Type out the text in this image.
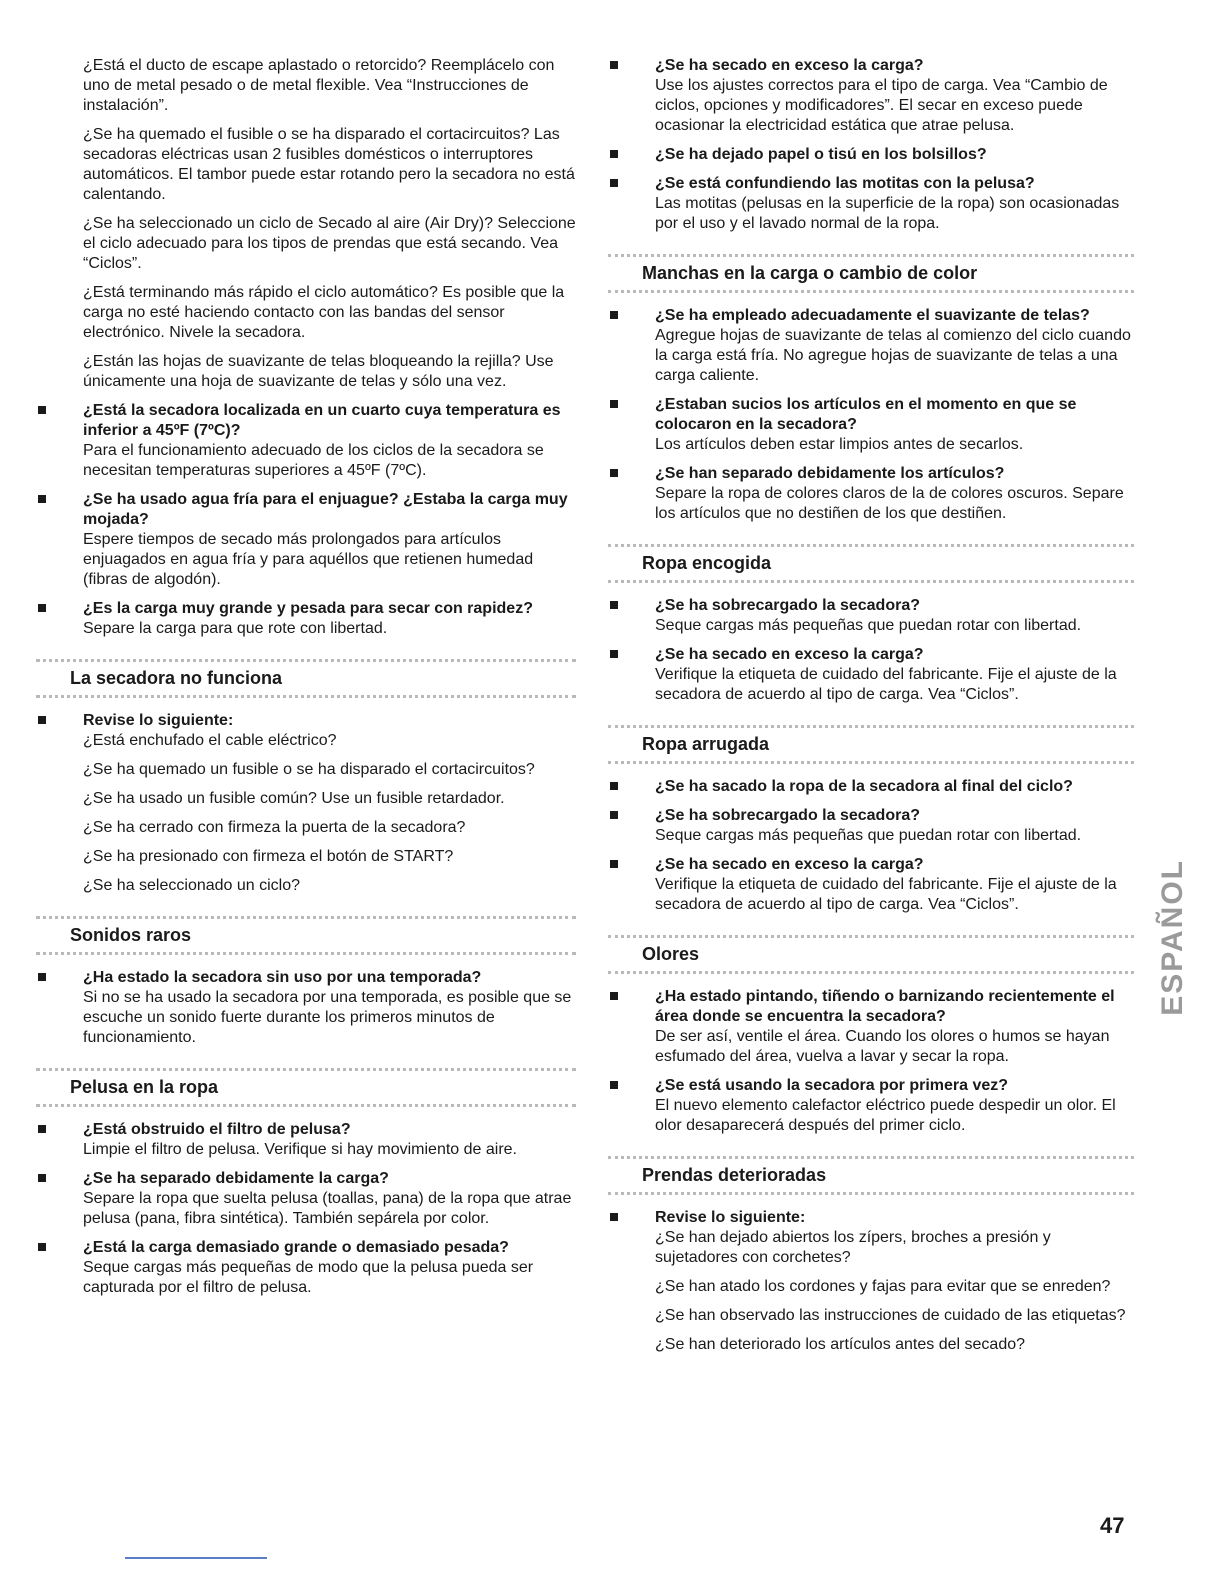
¿Está el ducto de escape aplastado o retorcido? Reemplácelo con uno de metal pesado o de metal flexible. Vea “Instrucciones de instalación”.

¿Se ha quemado el fusible o se ha disparado el cortacircuitos? Las secadoras eléctricas usan 2 fusibles domésticos o interruptores automáticos. El tambor puede estar rotando pero la secadora no está calentando.

¿Se ha seleccionado un ciclo de Secado al aire (Air Dry)? Seleccione el ciclo adecuado para los tipos de prendas que está secando. Vea “Ciclos”.

¿Está terminando más rápido el ciclo automático? Es posible que la carga no esté haciendo contacto con las bandas del sensor electrónico. Nivele la secadora.

¿Están las hojas de suavizante de telas bloqueando la rejilla? Use únicamente una hoja de suavizante de telas y sólo una vez.

¿Está la secadora localizada en un cuarto cuya temperatura es inferior a 45ºF (7ºC)?
Para el funcionamiento adecuado de los ciclos de la secadora se necesitan temperaturas superiores a 45ºF (7ºC).
¿Se ha usado agua fría para el enjuague? ¿Estaba la carga muy mojada?
Espere tiempos de secado más prolongados para artículos enjuagados en agua fría y para aquéllos que retienen humedad (fibras de algodón).
¿Es la carga muy grande y pesada para secar con rapidez?
Separe la carga para que rote con libertad.
La secadora no funciona
Revise lo siguiente:
¿Está enchufado el cable eléctrico?
¿Se ha quemado un fusible o se ha disparado el cortacircuitos?
¿Se ha usado un fusible común? Use un fusible retardador.
¿Se ha cerrado con firmeza la puerta de la secadora?
¿Se ha presionado con firmeza el botón de START?
¿Se ha seleccionado un ciclo?
Sonidos raros
¿Ha estado la secadora sin uso por una temporada?
Si no se ha usado la secadora por una temporada, es posible que se escuche un sonido fuerte durante los primeros minutos de funcionamiento.
Pelusa en la ropa
¿Está obstruido el filtro de pelusa?
Limpie el filtro de pelusa. Verifique si hay movimiento de aire.
¿Se ha separado debidamente la carga?
Separe la ropa que suelta pelusa (toallas, pana) de la ropa que atrae pelusa (pana, fibra sintética). También sepárela por color.
¿Está la carga demasiado grande o demasiado pesada?
Seque cargas más pequeñas de modo que la pelusa pueda ser capturada por el filtro de pelusa.
¿Se ha secado en exceso la carga?
Use los ajustes correctos para el tipo de carga. Vea “Cambio de ciclos, opciones y modificadores”. El secar en exceso puede ocasionar la electricidad estática que atrae pelusa.
¿Se ha dejado papel o tisú en los bolsillos?
¿Se está confundiendo las motitas con la pelusa?
Las motitas (pelusas en la superficie de la ropa) son ocasionadas por el uso y el lavado normal de la ropa.
Manchas en la carga o cambio de color
¿Se ha empleado adecuadamente el suavizante de telas?
Agregue hojas de suavizante de telas al comienzo del ciclo cuando la carga está fría. No agregue hojas de suavizante de telas a una carga caliente.
¿Estaban sucios los artículos en el momento en que se colocaron en la secadora?
Los artículos deben estar limpios antes de secarlos.
¿Se han separado debidamente los artículos?
Separe la ropa de colores claros de la de colores oscuros. Separe los artículos que no destiñen de los que destiñen.
Ropa encogida
¿Se ha sobrecargado la secadora?
Seque cargas más pequeñas que puedan rotar con libertad.
¿Se ha secado en exceso la carga?
Verifique la etiqueta de cuidado del fabricante. Fije el ajuste de la secadora de acuerdo al tipo de carga. Vea “Ciclos”.
Ropa arrugada
¿Se ha sacado la ropa de la secadora al final del ciclo?
¿Se ha sobrecargado la secadora?
Seque cargas más pequeñas que puedan rotar con libertad.
¿Se ha secado en exceso la carga?
Verifique la etiqueta de cuidado del fabricante. Fije el ajuste de la secadora de acuerdo al tipo de carga. Vea “Ciclos”.
Olores
¿Ha estado pintando, tiñendo o barnizando recientemente el área donde se encuentra la secadora?
De ser así, ventile el área. Cuando los olores o humos se hayan esfumado del área, vuelva a lavar y secar la ropa.
¿Se está usando la secadora por primera vez?
El nuevo elemento calefactor eléctrico puede despedir un olor. El olor desaparecerá después del primer ciclo.
Prendas deterioradas
Revise lo siguiente:
¿Se han dejado abiertos los zípers, broches a presión y sujetadores con corchetes?
¿Se han atado los cordones y fajas para evitar que se enreden?
¿Se han observado las instrucciones de cuidado de las etiquetas?
¿Se han deteriorado los artículos antes del secado?
ESPAÑOL
47
